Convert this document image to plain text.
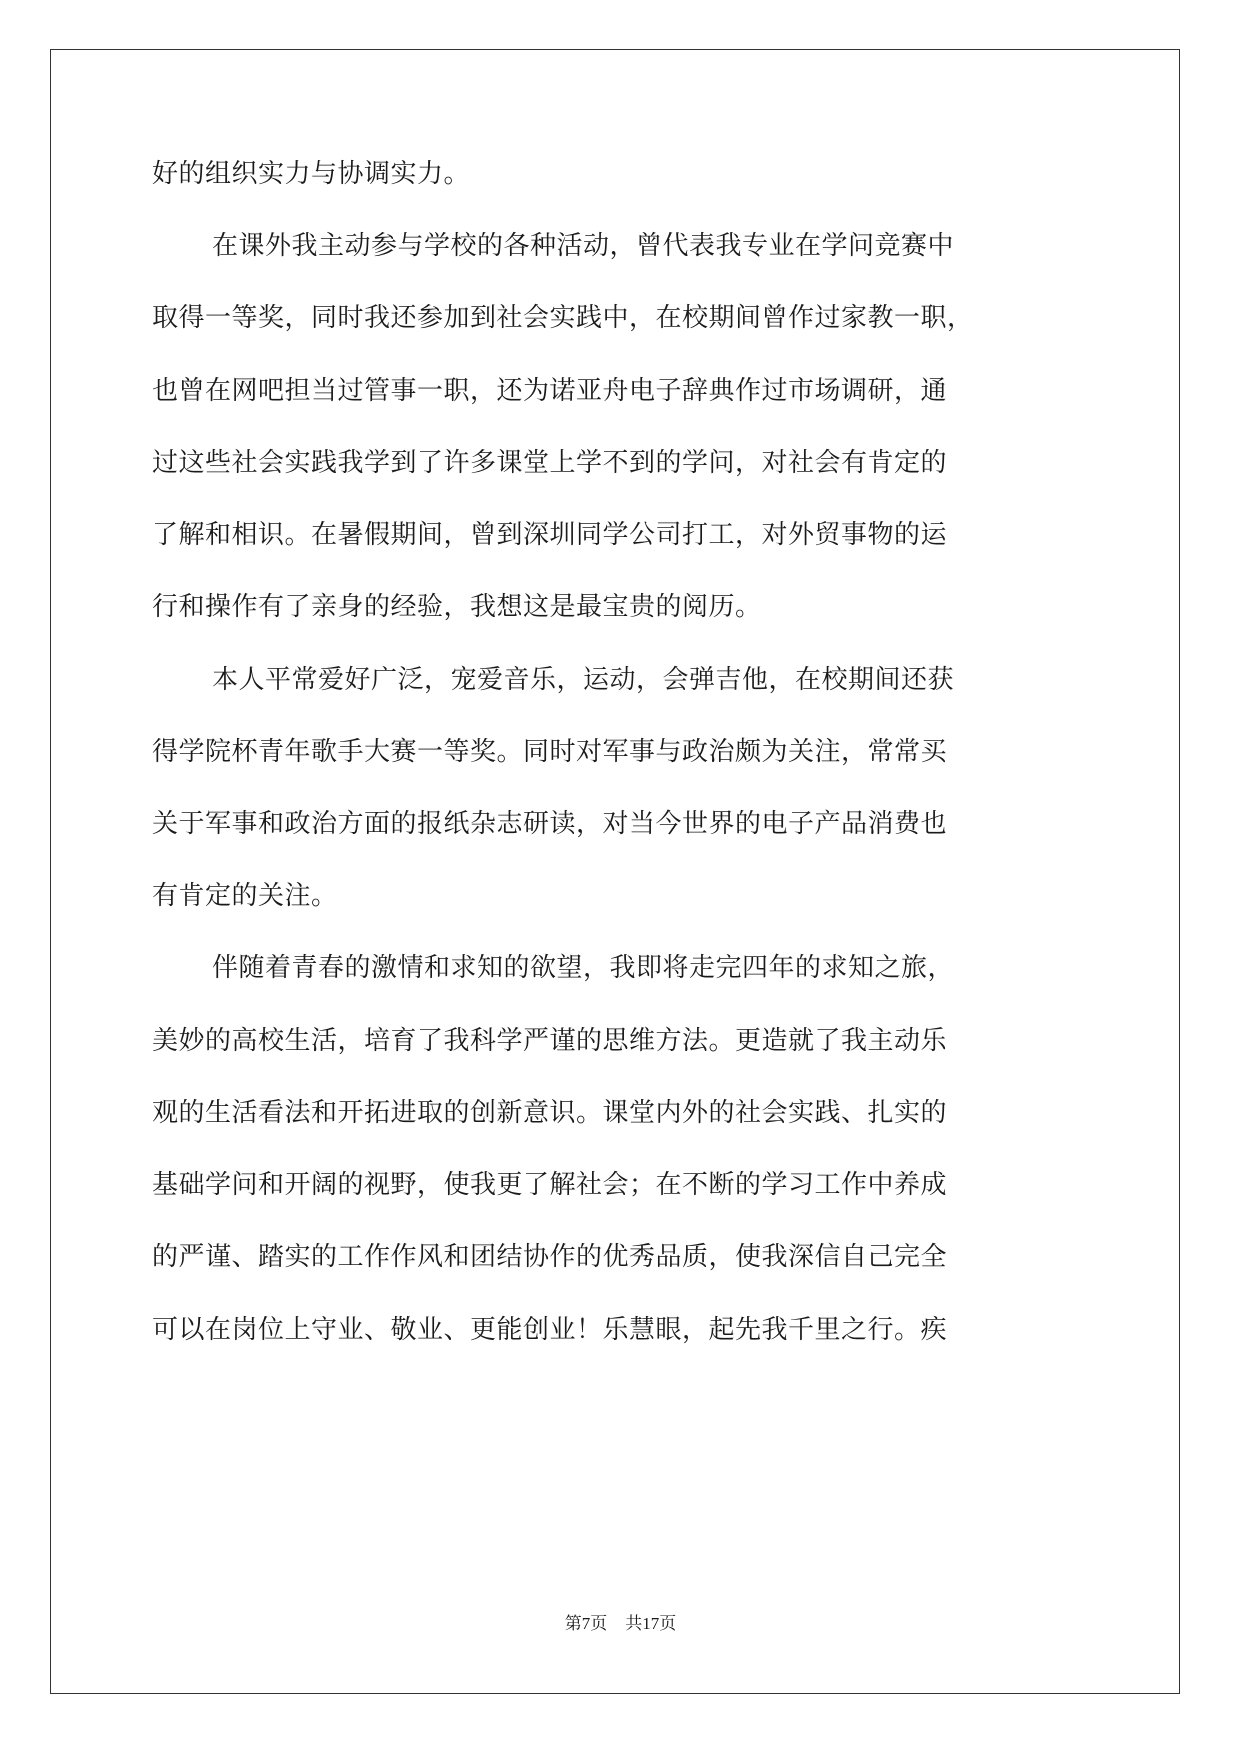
好的组织实力与协调实力。
在课外我主动参与学校的各种活动，曾代表我专业在学问竞赛中
取得一等奖，同时我还参加到社会实践中，在校期间曾作过家教一职，
也曾在网吧担当过管事一职，还为诺亚舟电子辞典作过市场调研，通
过这些社会实践我学到了许多课堂上学不到的学问，对社会有肯定的
了解和相识。在暑假期间，曾到深圳同学公司打工，对外贸事物的运
行和操作有了亲身的经验，我想这是最宝贵的阅历。
本人平常爱好广泛，宠爱音乐，运动，会弹吉他，在校期间还获
得学院杯青年歌手大赛一等奖。同时对军事与政治颇为关注，常常买
关于军事和政治方面的报纸杂志研读，对当今世界的电子产品消费也
有肯定的关注。
伴随着青春的激情和求知的欲望，我即将走完四年的求知之旅，
美妙的高校生活，培育了我科学严谨的思维方法。更造就了我主动乐
观的生活看法和开拓进取的创新意识。课堂内外的社会实践、扎实的
基础学问和开阔的视野，使我更了解社会；在不断的学习工作中养成
的严谨、踏实的工作作风和团结协作的优秀品质，使我深信自己完全
可以在岗位上守业、敬业、更能创业！乐慧眼，起先我千里之行。疾
第7页 共17页
